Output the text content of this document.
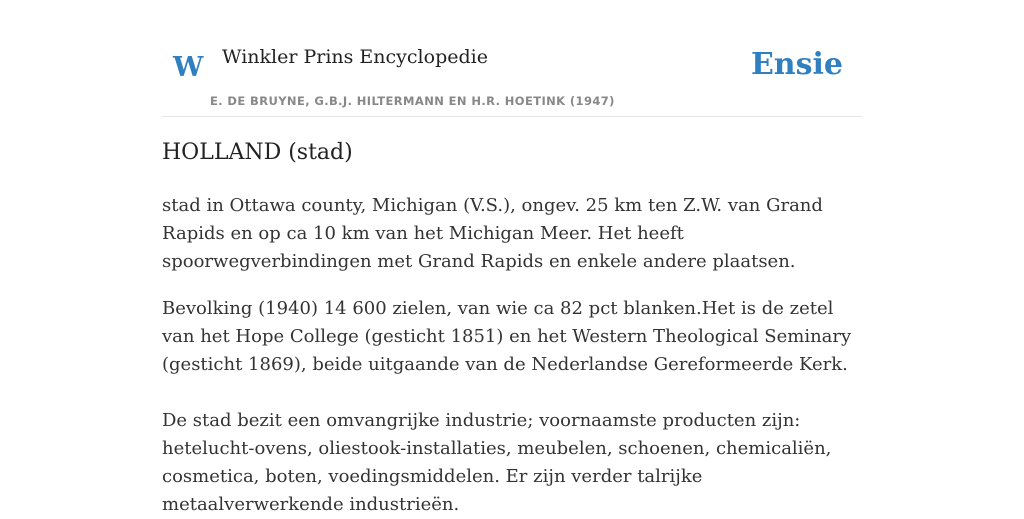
W Winkler Prins Encyclopedie
E. DE BRUYNE, G.B.J. HILTERMANN EN H.R. HOETINK (1947)
Ensie
HOLLAND (stad)

stad in Ottawa county, Michigan (V.S.), ongev. 25 km ten Z.W. van Grand Rapids en op ca 10 km van het Michigan Meer. Het heeft spoorwegverbindingen met Grand Rapids en enkele andere plaatsen.

Bevolking (1940) 14 600 zielen, van wie ca 82 pct blanken.Het is de zetel van het Hope College (gesticht 1851) en het Western Theological Seminary (gesticht 1869), beide uitgaande van de Nederlandse Gereformeerde Kerk.

De stad bezit een omvangrijke industrie; voornaamste producten zijn: hetelucht-ovens, oliestook-installaties, meubelen, schoenen, chemicaliën, cosmetica, boten, voedingsmiddelen. Er zijn verder talrijke metaalverwerkende industrieën.
